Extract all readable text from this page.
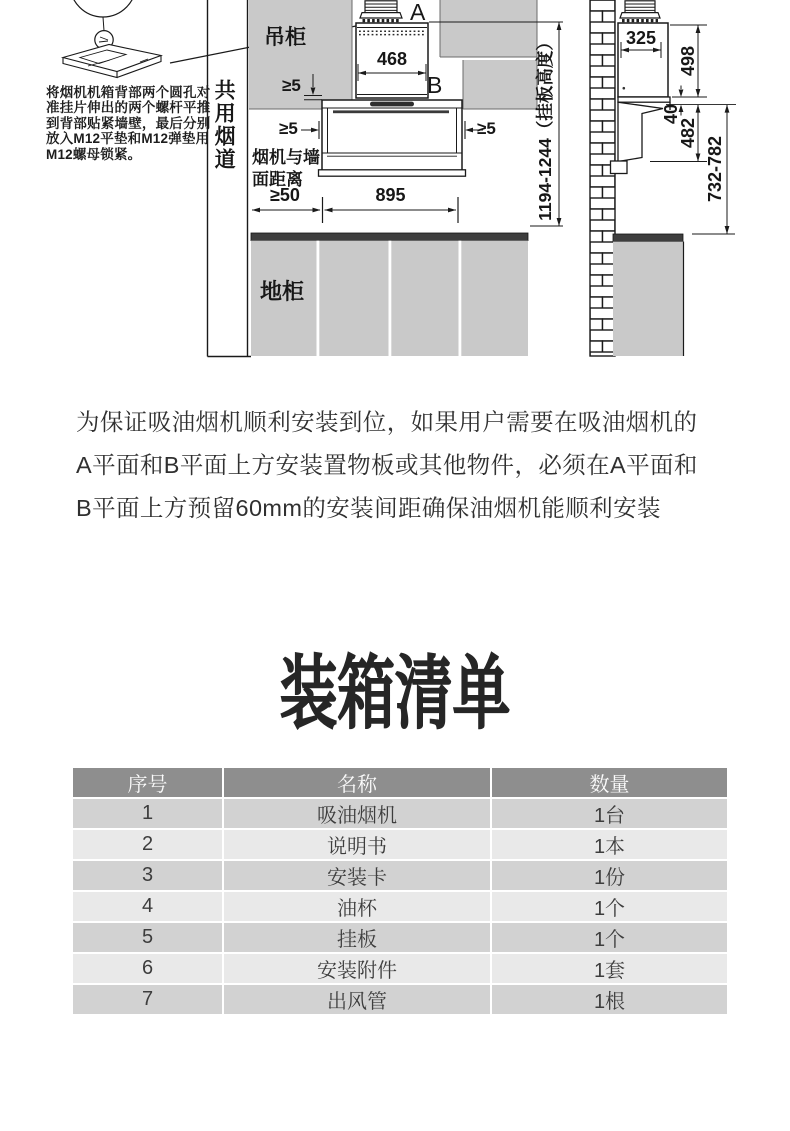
将烟机机箱背部两个圆孔对
准挂片伸出的两个螺杆平推
到背部贴紧墙壁，最后分别
放入M12平垫和M12弹垫用
M12螺母锁紧。	共用烟道
吊柜
A
468
B
≥5
≥5	≥5
烟机与墙
面距离
≥50	895	1194-1244（挂板高度）
地柜
325
498
40
482
732-782
为保证吸油烟机顺利安装到位，如果用户需要在吸油烟机的
A平面和B平面上方安装置物板或其他物件，必须在A平面和
B平面上方预留60mm的安装间距确保油烟机能顺利安装
装箱清单
序号	名称	数量
1	吸油烟机	1台
2	说明书	1本
3	安装卡	1份
4	油杯	1个
5	挂板	1个
6	安装附件	1套
7	出风管	1根
